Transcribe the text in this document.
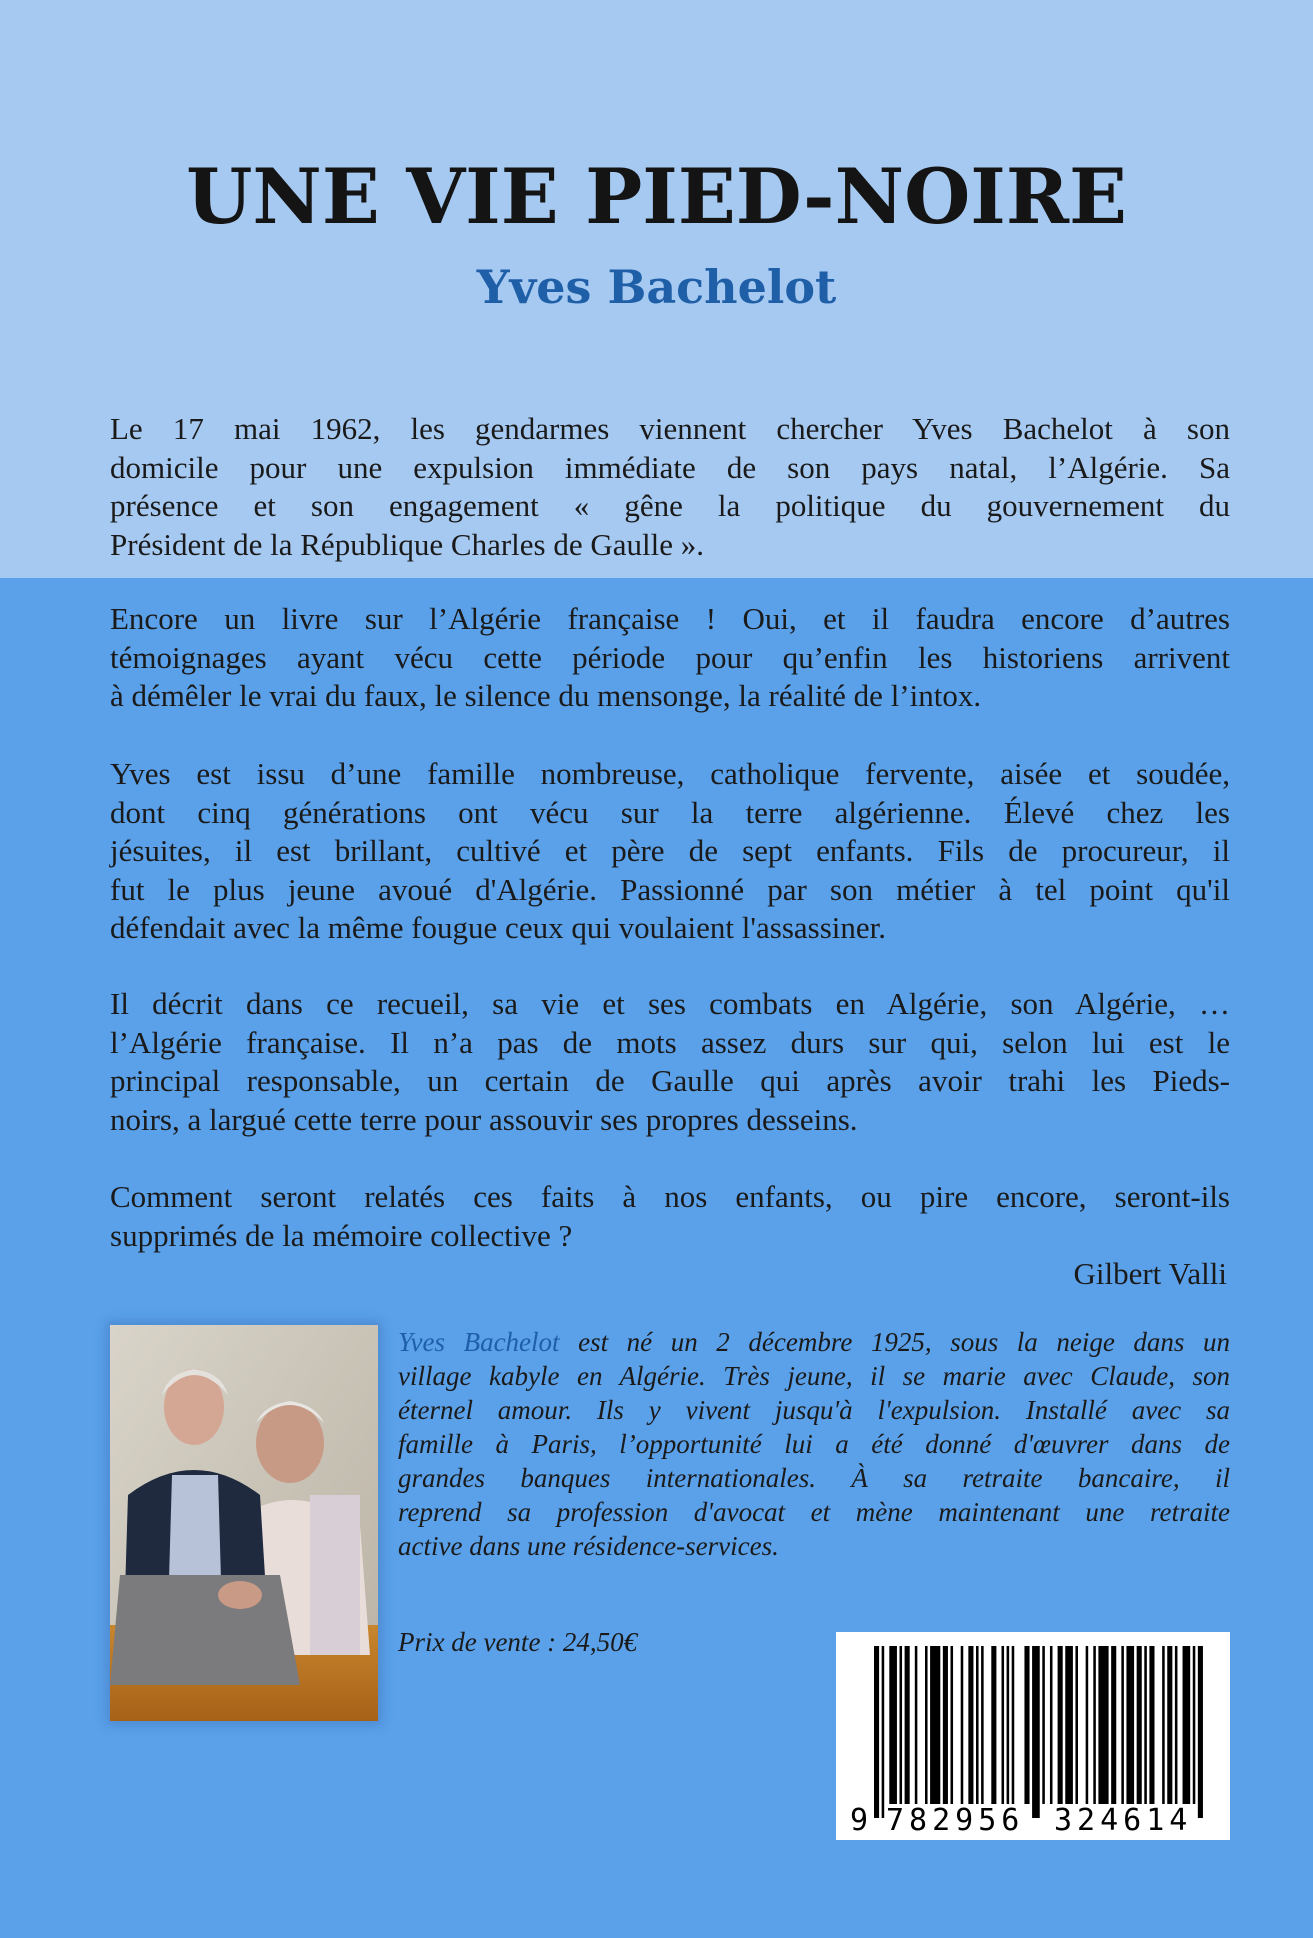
UNE VIE PIED-NOIRE
Yves Bachelot

Le 17 mai 1962, les gendarmes viennent chercher Yves Bachelot à son
domicile pour une expulsion immédiate de son pays natal, l’Algérie. Sa
présence et son engagement « gêne la politique du gouvernement du
Président de la République Charles de Gaulle ».

Encore un livre sur l’Algérie française ! Oui, et il faudra encore d’autres
témoignages ayant vécu cette période pour qu’enfin les historiens arrivent
à démêler le vrai du faux, le silence du mensonge, la réalité de l’intox.

Yves est issu d’une famille nombreuse, catholique fervente, aisée et soudée,
dont cinq générations ont vécu sur la terre algérienne. Élevé chez les
jésuites, il est brillant, cultivé et père de sept enfants. Fils de procureur, il
fut le plus jeune avoué d'Algérie. Passionné par son métier à tel point qu'il
défendait avec la même fougue ceux qui voulaient l'assassiner.

Il décrit dans ce recueil, sa vie et ses combats en Algérie, son Algérie, …
l’Algérie française. Il n’a pas de mots assez durs sur qui, selon lui est le
principal responsable, un certain de Gaulle qui après avoir trahi les Pieds-
noirs, a largué cette terre pour assouvir ses propres desseins.

Comment seront relatés ces faits à nos enfants, ou pire encore, seront-ils
supprimés de la mémoire collective ?

Gilbert Valli

Yves Bachelot est né un 2 décembre 1925, sous la neige dans un
village kabyle en Algérie. Très jeune, il se marie avec Claude, son
éternel amour. Ils y vivent jusqu'à l'expulsion. Installé avec sa
famille à Paris, l’opportunité lui a été donné d'œuvrer dans de
grandes banques internationales. À sa retraite bancaire, il
reprend sa profession d'avocat et mène maintenant une retraite
active dans une résidence-services.

Prix de vente : 24,50€

9 782956 324614
